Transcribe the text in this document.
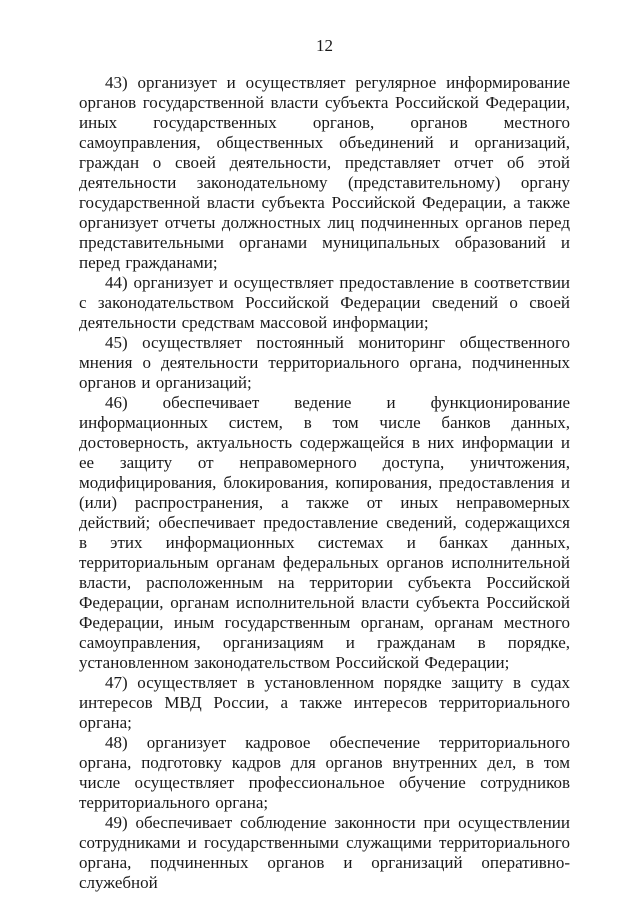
12

43) организует и осуществляет регулярное информирование органов государственной власти субъекта Российской Федерации, иных государственных органов, органов местного самоуправления, общественных объединений и организаций, граждан о своей деятельности, представляет отчет об этой деятельности законодательному (представительному) органу государственной власти субъекта Российской Федерации, а также организует отчеты должностных лиц подчиненных органов перед представительными органами муниципальных образований и перед гражданами;

44) организует и осуществляет предоставление в соответствии с законодательством Российской Федерации сведений о своей деятельности средствам массовой информации;

45) осуществляет постоянный мониторинг общественного мнения о деятельности территориального органа, подчиненных органов и организаций;

46) обеспечивает ведение и функционирование информационных систем, в том числе банков данных, достоверность, актуальность содержащейся в них информации и ее защиту от неправомерного доступа, уничтожения, модифицирования, блокирования, копирования, предоставления и (или) распространения, а также от иных неправомерных действий; обеспечивает предоставление сведений, содержащихся в этих информационных системах и банках данных, территориальным органам федеральных органов исполнительной власти, расположенным на территории субъекта Российской Федерации, органам исполнительной власти субъекта Российской Федерации, иным государственным органам, органам местного самоуправления, организациям и гражданам в порядке, установленном законодательством Российской Федерации;

47) осуществляет в установленном порядке защиту в судах интересов МВД России, а также интересов территориального органа;

48) организует кадровое обеспечение территориального органа, подготовку кадров для органов внутренних дел, в том числе осуществляет профессиональное обучение сотрудников территориального органа;

49) обеспечивает соблюдение законности при осуществлении сотрудниками и государственными служащими территориального органа, подчиненных органов и организаций оперативно-служебной
